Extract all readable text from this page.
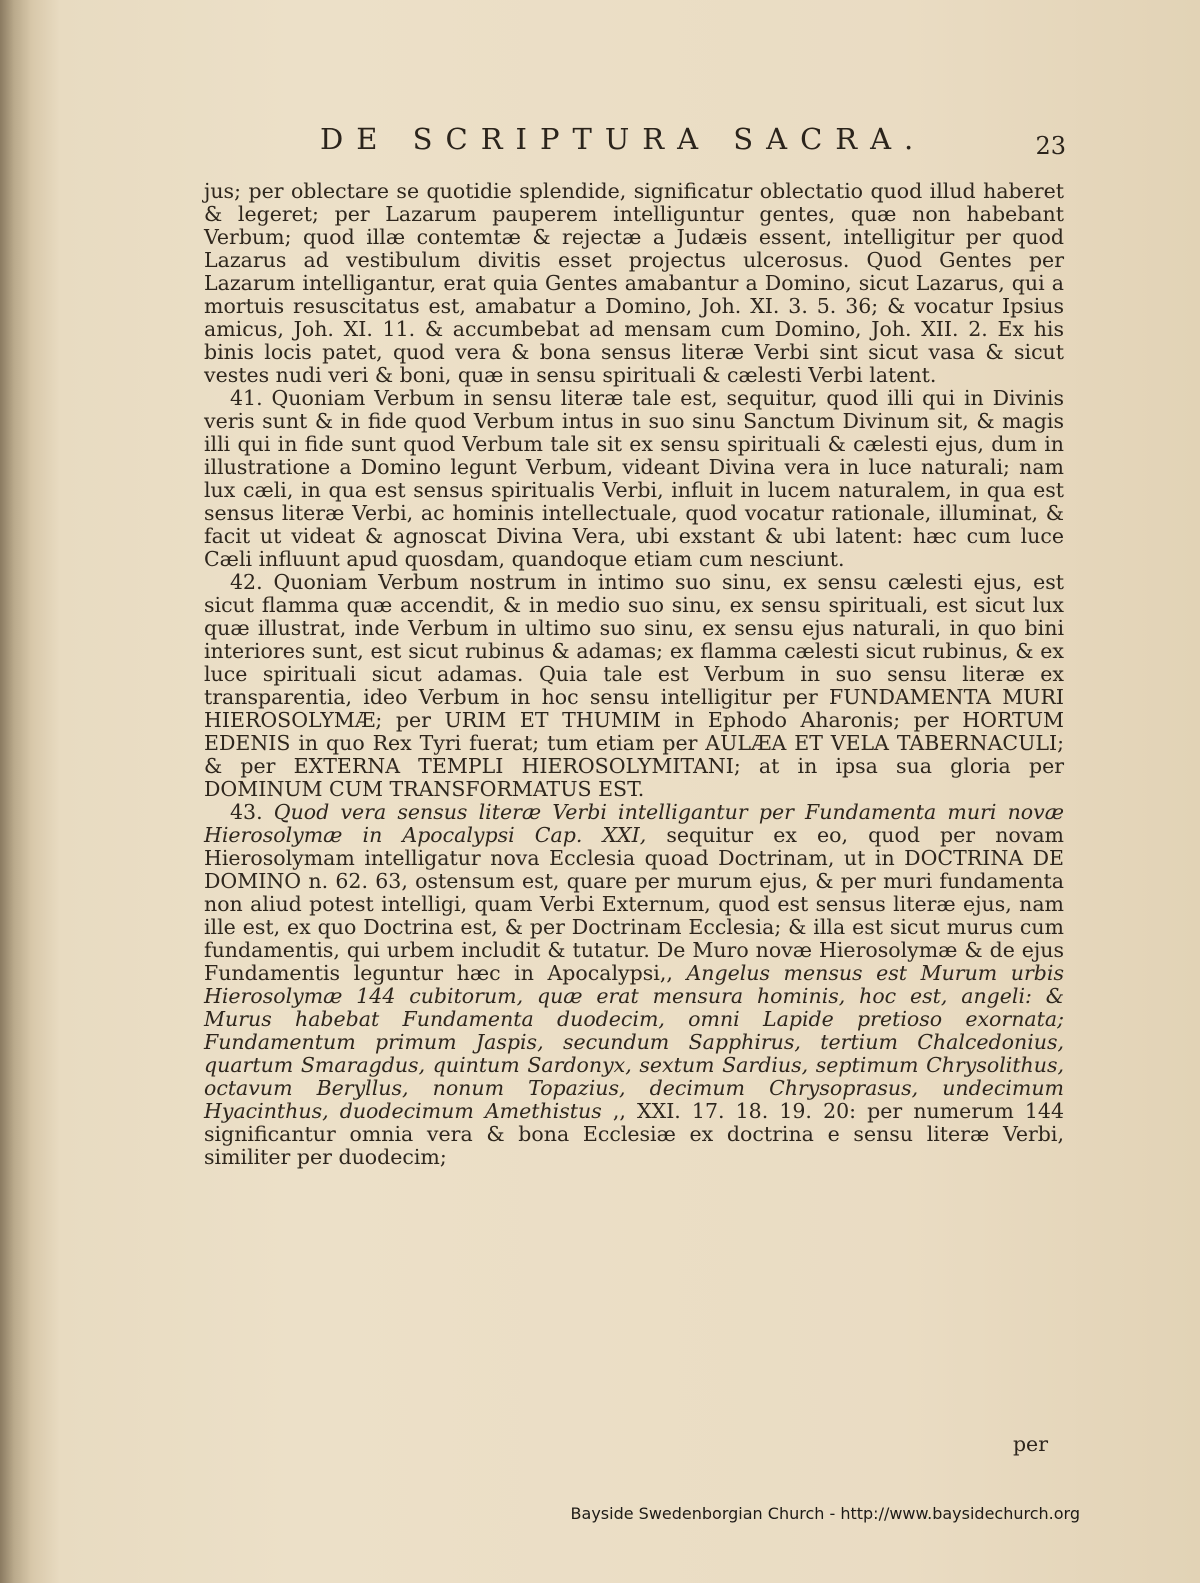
DE SCRIPTURA SACRA.	23

jus; per oblectare se quotidie splendide, significatur oblectatio quod illud haberet & legeret; per Lazarum pauperem intelliguntur gentes, quæ non habebant Verbum; quod illæ contemtæ & rejectæ a Judæis essent, intelligitur per quod Lazarus ad vestibulum divitis esset projectus ulcerosus. Quod Gentes per Lazarum intelligantur, erat quia Gentes amabantur a Domino, sicut Lazarus, qui a mortuis resuscitatus est, amabatur a Domino, Joh. XI. 3. 5. 36; & vocatur Ipsius amicus, Joh. XI. 11. & accumbebat ad mensam cum Domino, Joh. XII. 2. Ex his binis locis patet, quod vera & bona sensus literæ Verbi sint sicut vasa & sicut vestes nudi veri & boni, quæ in sensu spirituali & cælesti Verbi latent.

41. Quoniam Verbum in sensu literæ tale est, sequitur, quod illi qui in Divinis veris sunt & in fide quod Verbum intus in suo sinu Sanctum Divinum sit, & magis illi qui in fide sunt quod Verbum tale sit ex sensu spirituali & cælesti ejus, dum in illustratione a Domino legunt Verbum, videant Divina vera in luce naturali; nam lux cæli, in qua est sensus spiritualis Verbi, influit in lucem naturalem, in qua est sensus literæ Verbi, ac hominis intellectuale, quod vocatur rationale, illuminat, & facit ut videat & agnoscat Divina Vera, ubi exstant & ubi latent: hæc cum luce Cæli influunt apud quosdam, quandoque etiam cum nesciunt.

42. Quoniam Verbum nostrum in intimo suo sinu, ex sensu cælesti ejus, est sicut flamma quæ accendit, & in medio suo sinu, ex sensu spirituali, est sicut lux quæ illustrat, inde Verbum in ultimo suo sinu, ex sensu ejus naturali, in quo bini interiores sunt, est sicut rubinus & adamas; ex flamma cælesti sicut rubinus, & ex luce spirituali sicut adamas. Quia tale est Verbum in suo sensu literæ ex transparentia, ideo Verbum in hoc sensu intelligitur per FUNDAMENTA MURI HIEROSOLYMÆ; per URIM ET THUMIM in Ephodo Aharonis; per HORTUM EDENIS in quo Rex Tyri fuerat; tum etiam per AULÆA ET VELA TABERNACULI; & per EXTERNA TEMPLI HIEROSOLYMITANI; at in ipsa sua gloria per DOMINUM CUM TRANSFORMATUS EST.

43. Quod vera sensus literæ Verbi intelligantur per Fundamenta muri novæ Hierosolymæ in Apocalypsi Cap. XXI, sequitur ex eo, quod per novam Hierosolymam intelligatur nova Ecclesia quoad Doctrinam, ut in DOCTRINA DE DOMINO n. 62. 63, ostensum est, quare per murum ejus, & per muri fundamenta non aliud potest intelligi, quam Verbi Externum, quod est sensus literæ ejus, nam ille est, ex quo Doctrina est, & per Doctrinam Ecclesia; & illa est sicut murus cum fundamentis, qui urbem includit & tutatur. De Muro novæ Hierosolymæ & de ejus Fundamentis leguntur hæc in Apocalypsi,, Angelus mensus est Murum urbis Hierosolymæ 144 cubitorum, quæ erat mensura hominis, hoc est, angeli: & Murus habebat Fundamenta duodecim, omni Lapide pretioso exornata; Fundamentum primum Jaspis, secundum Sapphirus, tertium Chalcedonius, quartum Smaragdus, quintum Sardonyx, sextum Sardius, septimum Chrysolithus, octavum Beryllus, nonum Topazius, decimum Chrysoprasus, undecimum Hyacinthus, duodecimum Amethistus ,, XXI. 17. 18. 19. 20: per numerum 144 significantur omnia vera & bona Ecclesiæ ex doctrina e sensu literæ Verbi, similiter per duodecim;

per
Bayside Swedenborgian Church - http://www.baysidechurch.org
